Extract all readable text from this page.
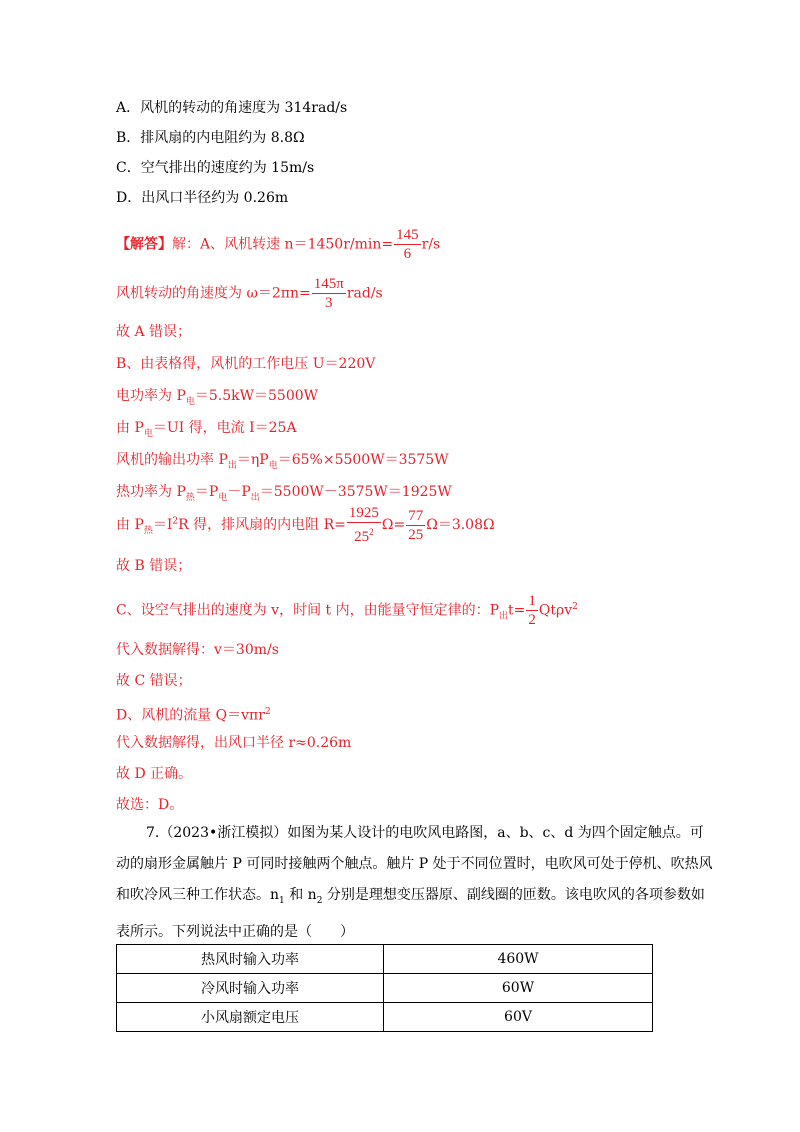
A．风机的转动的角速度为 314rad/s
B．排风扇的内电阻约为 8.8Ω
C．空气排出的速度约为 15m/s
D．出风口半径约为 0.26m
【解答】解：A、风机转速 $n=1450r/\min= \frac{145}{6} r/s$
风机转动的角速度为 $\omega=2\pi n= \frac{145\pi}{3} rad/s$
故 A 错误；
B、由表格得，风机的工作电压 U＝220V
电功率为 $P_电=5.5kW=5500W$
由 $P_电=UI$ 得，电流 I＝25A
风机的输出功率 $P_出=\eta P_电=65\%\times 5500W=3575W$
热功率为 $P_热=P_电-P_出=5500W-3575W=1925W$
由 $P_热=I^2R$ 得，排风扇的内电阻 $R= \frac{1925}{25^2} \Omega= \frac{77}{25} \Omega=3.08\Omega$
故 B 错误；
C、设空气排出的速度为 v，时间 t 内，由能量守恒定律的：$P_出t= \frac{1}{2} Qt\rho v^2$
代入数据解得：v＝30m/s
故 C 错误；
D、风机的流量 Q＝vπr$^2$
代入数据解得，出风口半径 r≈0.26m
故 D 正确。
故选：D。
7.（2023•浙江模拟）如图为某人设计的电吹风电路图，a、b、c、d 为四个固定触点。可动的扇形金属触片 P 可同时接触两个触点。触片 P 处于不同位置时，电吹风可处于停机、吹热风和吹冷风三种工作状态。$n_1$ 和 $n_2$ 分别是理想变压器原、副线圈的匝数。该电吹风的各项参数如表所示。下列说法中正确的是（　　）
热风时输入功率	460W
冷风时输入功率	60W
小风扇额定电压	60V
